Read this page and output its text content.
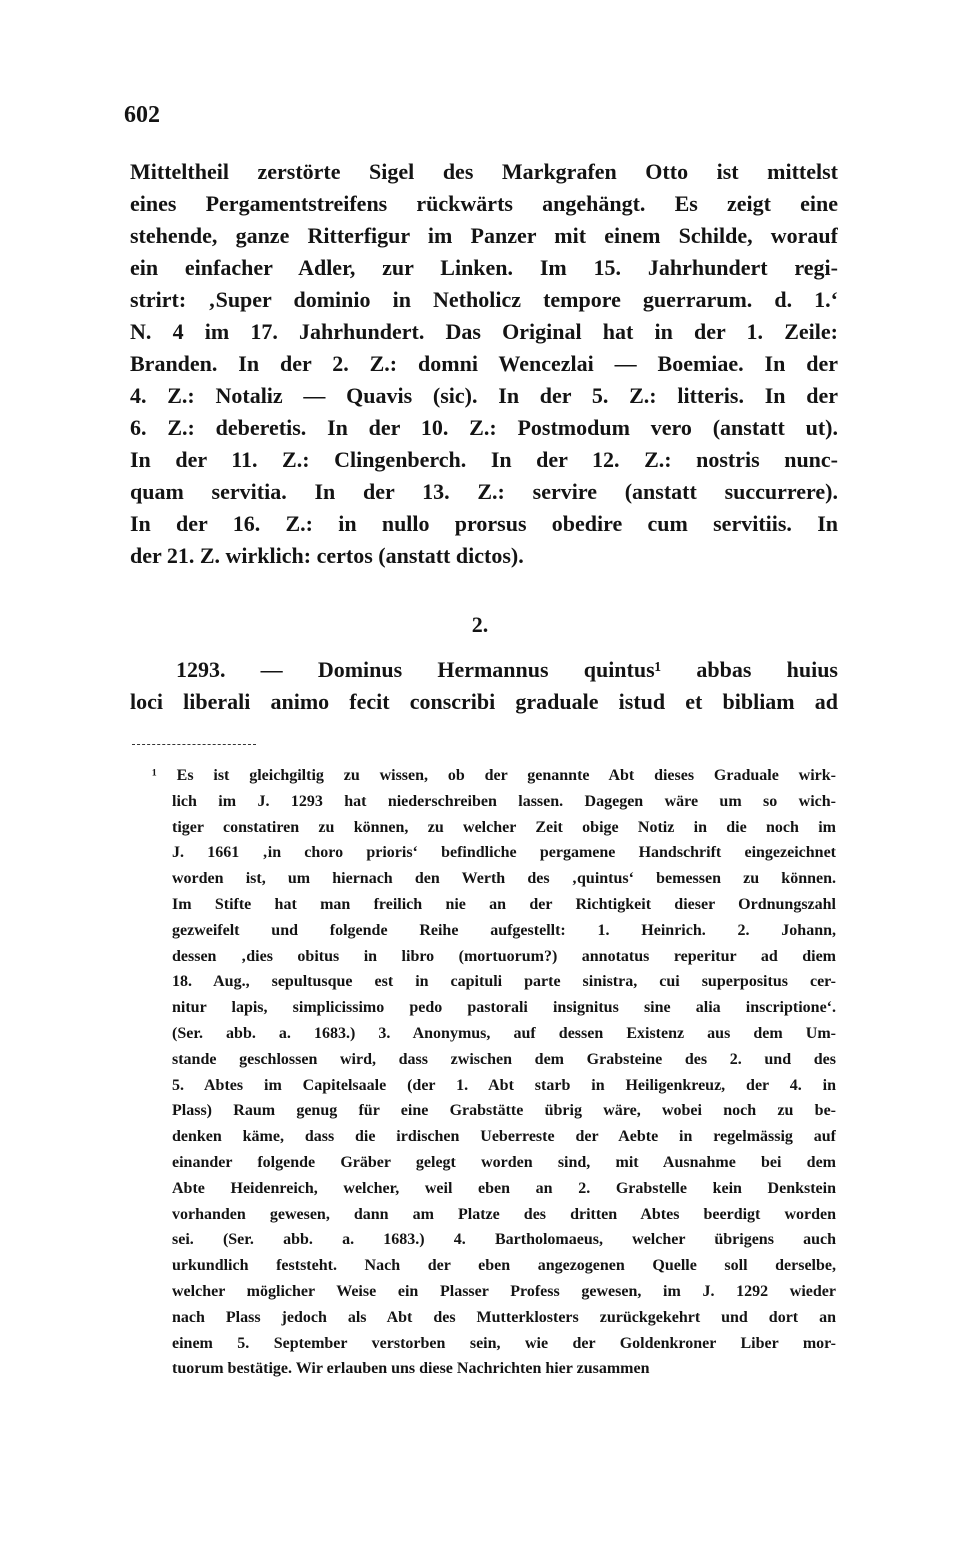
602
Mitteltheil zerstörte Sigel des Markgrafen Otto ist mittelst
eines Pergamentstreifens rückwärts angehängt. Es zeigt eine
stehende, ganze Ritterfigur im Panzer mit einem Schilde, worauf
ein einfacher Adler, zur Linken. Im 15. Jahrhundert regi-
strirt: ‚Super dominio in Netholicz tempore guerrarum. d. 1.‘
N. 4 im 17. Jahrhundert. Das Original hat in der 1. Zeile:
Branden. In der 2. Z.: domni Wencezlai — Boemiae. In der
4. Z.: Notaliz — Quavis (sic). In der 5. Z.: litteris. In der
6. Z.: deberetis. In der 10. Z.: Postmodum vero (anstatt ut).
In der 11. Z.: Clingenberch. In der 12. Z.: nostris nunc-
quam servitia. In der 13. Z.: servire (anstatt succurrere).
In der 16. Z.: in nullo prorsus obedire cum servitiis. In
der 21. Z. wirklich: certos (anstatt dictos).
2.
1293. — Dominus Hermannus quintus¹ abbas huius
loci liberali animo fecit conscribi graduale istud et bibliam ad
¹ Es ist gleichgiltig zu wissen, ob der genannte Abt dieses Graduale wirk-
lich im J. 1293 hat niederschreiben lassen. Dagegen wäre um so wich-
tiger constatiren zu können, zu welcher Zeit obige Notiz in die noch im
J. 1661 ‚in choro prioris‘ befindliche pergamene Handschrift eingezeichnet
worden ist, um hiernach den Werth des ‚quintus‘ bemessen zu können.
Im Stifte hat man freilich nie an der Richtigkeit dieser Ordnungszahl
gezweifelt und folgende Reihe aufgestellt: 1. Heinrich. 2. Johann,
dessen ‚dies obitus in libro (mortuorum?) annotatus reperitur ad diem
18. Aug., sepultusque est in capituli parte sinistra, cui superpositus cer-
nitur lapis, simplicissimo pedo pastorali insignitus sine alia inscriptione‘.
(Ser. abb. a. 1683.) 3. Anonymus, auf dessen Existenz aus dem Um-
stande geschlossen wird, dass zwischen dem Grabsteine des 2. und des
5. Abtes im Capitelsaale (der 1. Abt starb in Heiligenkreuz, der 4. in
Plass) Raum genug für eine Grabstätte übrig wäre, wobei noch zu be-
denken käme, dass die irdischen Ueberreste der Aebte in regelmässig auf
einander folgende Gräber gelegt worden sind, mit Ausnahme bei dem
Abte Heidenreich, welcher, weil eben an 2. Grabstelle kein Denkstein
vorhanden gewesen, dann am Platze des dritten Abtes beerdigt worden
sei. (Ser. abb. a. 1683.) 4. Bartholomaeus, welcher übrigens auch
urkundlich feststeht. Nach der eben angezogenen Quelle soll derselbe,
welcher möglicher Weise ein Plasser Profess gewesen, im J. 1292 wieder
nach Plass jedoch als Abt des Mutterklosters zurückgekehrt und dort an
einem 5. September verstorben sein, wie der Goldenkroner Liber mor-
tuorum bestätige. Wir erlauben uns diese Nachrichten hier zusammen
